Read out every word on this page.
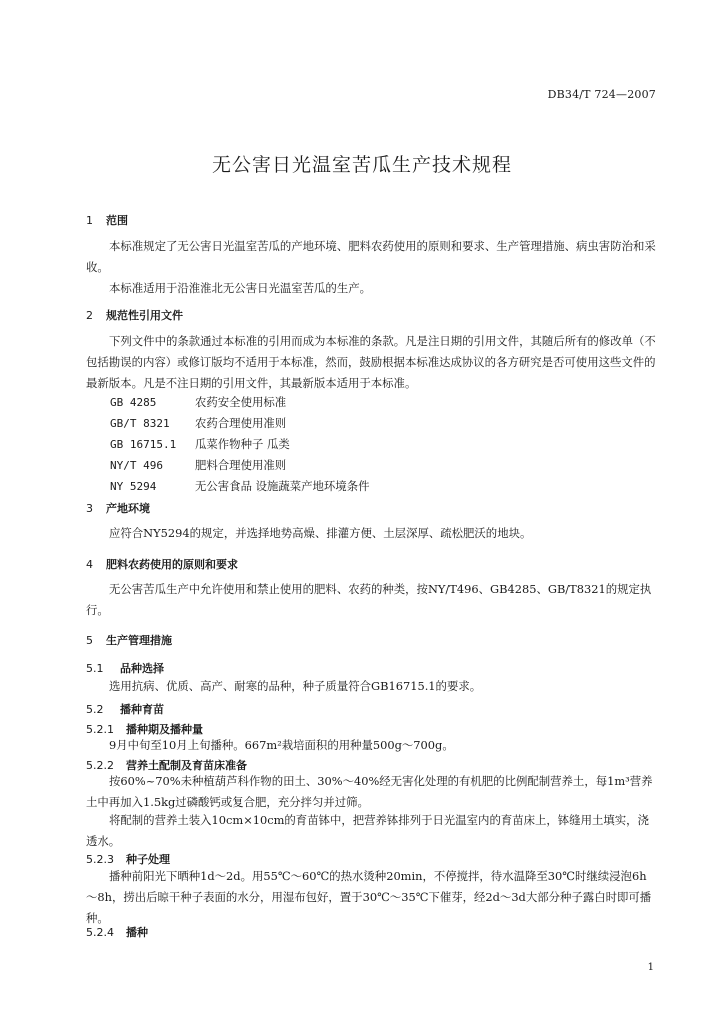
DB34/T 724—2007
无公害日光温室苦瓜生产技术规程
1 范围
本标准规定了无公害日光温室苦瓜的产地环境、肥料农药使用的原则和要求、生产管理措施、病虫害防治和采收。
本标准适用于沿淮淮北无公害日光温室苦瓜的生产。
2 规范性引用文件
下列文件中的条款通过本标准的引用而成为本标准的条款。凡是注日期的引用文件，其随后所有的修改单（不包括勘误的内容）或修订版均不适用于本标准，然而，鼓励根据本标准达成协议的各方研究是否可使用这些文件的最新版本。凡是不注日期的引用文件，其最新版本适用于本标准。
GB 4285	农药安全使用标准
GB/T 8321 农药合理使用准则
GB 16715.1 瓜菜作物种子 瓜类
NY/T 496	肥料合理使用准则
NY 5294	无公害食品 设施蔬菜产地环境条件
3 产地环境
应符合NY5294的规定，并选择地势高燥、排灌方便、土层深厚、疏松肥沃的地块。
4 肥料农药使用的原则和要求
无公害苦瓜生产中允许使用和禁止使用的肥料、农药的种类，按NY/T496、GB4285、GB/T8321的规定执行。
5 生产管理措施
5.1 品种选择
选用抗病、优质、高产、耐寒的品种，种子质量符合GB16715.1的要求。
5.2 播种育苗
5.2.1 播种期及播种量
9月中旬至10月上旬播种。667m²栽培面积的用种量500g～700g。
5.2.2 营养土配制及育苗床准备
按60%~70%未种植葫芦科作物的田土、30%～40%经无害化处理的有机肥的比例配制营养土，每1m³营养土中再加入1.5kg过磷酸钙或复合肥，充分拌匀并过筛。
将配制的营养土装入10cm×10cm的育苗钵中，把营养钵排列于日光温室内的育苗床上，钵缝用土填实，浇透水。
5.2.3 种子处理
播种前阳光下晒种1d～2d。用55℃～60℃的热水烫种20min，不停搅拌，待水温降至30℃时继续浸泡6h～8h，捞出后晾干种子表面的水分，用湿布包好，置于30℃～35℃下催芽，经2d～3d大部分种子露白时即可播种。
5.2.4 播种
1
